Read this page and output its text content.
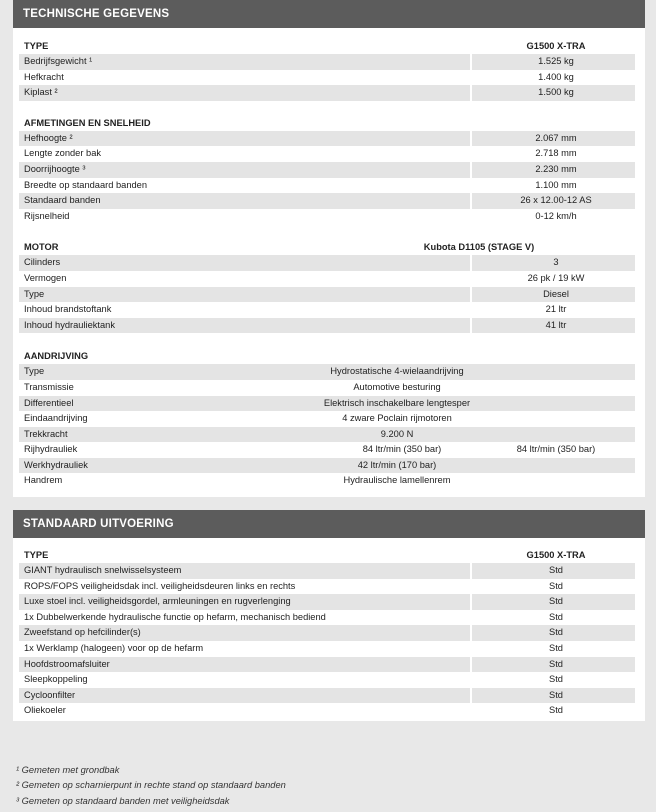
TECHNISCHE GEGEVENS
TYPE	G1500 X-TRA
Bedrijfsgewicht ¹	1.525 kg
Hefkracht	1.400 kg
Kiplast ²	1.500 kg
AFMETINGEN EN SNELHEID
Hefhoogte ²	2.067 mm
Lengte zonder bak	2.718 mm
Doorrijhoogte ³	2.230 mm
Breedte op standaard banden	1.100 mm
Standaard banden	26 x 12.00-12 AS
Rijsnelheid	0-12 km/h
MOTOR	Kubota D1105 (STAGE V)
Cilinders	3
Vermogen	26 pk / 19 kW
Type	Diesel
Inhoud brandstoftank	21 ltr
Inhoud hydrauliektank	41 ltr
AANDRIJVING
Type	Hydrostatische 4-wielaandrijving
Transmissie	Automotive besturing
Differentieel	Elektrisch inschakelbare lengtesper
Eindaandrijving	4 zware Poclain rijmotoren
Trekkracht	9.200 N
Rijhydrauliek	84 ltr/min (350 bar)	84 ltr/min (350 bar)
Werkhydrauliek	42 ltr/min (170 bar)
Handrem	Hydraulische lamellenrem
STANDAARD UITVOERING
TYPE	G1500 X-TRA
GIANT hydraulisch snelwisselsysteem	Std
ROPS/FOPS veiligheidsdak incl. veiligheidsdeuren links en rechts	Std
Luxe stoel incl. veiligheidsgordel, armleuningen en rugverlenging	Std
1x Dubbelwerkende hydraulische functie op hefarm, mechanisch bediend	Std
Zweefstand op hefcilinder(s)	Std
1x Werklamp (halogeen) voor op de hefarm	Std
Hoofdstroomafsluiter	Std
Sleepkoppeling	Std
Cycloonfilter	Std
Oliekoeler	Std
¹ Gemeten met grondbak
² Gemeten op scharnierpunt in rechte stand op standaard banden
³ Gemeten op standaard banden met veiligheidsdak
